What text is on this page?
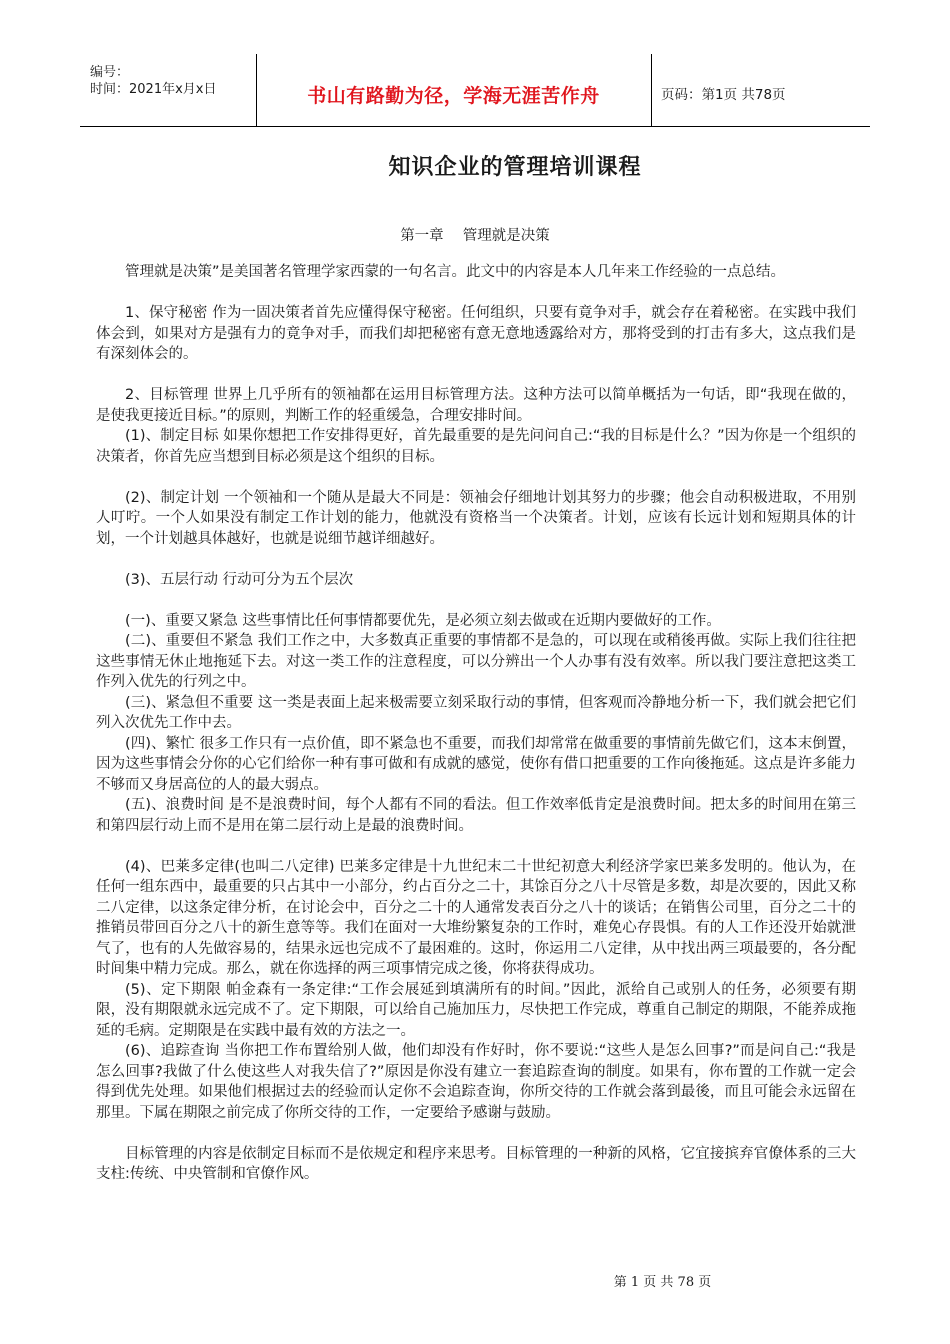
编号：
时间：2021年x月x日	书山有路勤为径，学海无涯苦作舟	页码：第1页 共78页
知识企业的管理培训课程
第一章　 管理就是决策

管理就是决策”是美国著名管理学家西蒙的一句名言。此文中的内容是本人几年来工作经验的一点总结。

1、保守秘密 作为一固决策者首先应懂得保守秘密。任何组织，只要有竟争对手，就会存在着秘密。在实践中我们体会到，如果对方是强有力的竟争对手，而我们却把秘密有意无意地透露给对方，那将受到的打击有多大，这点我们是有深刻体会的。

2、目标管理 世界上几乎所有的领袖都在运用目标管理方法。这种方法可以简单概括为一句话，即“我现在做的，是使我更接近目标。”的原则，判断工作的轻重缓急，合理安排时间。

(1)、制定目标 如果你想把工作安排得更好，首先最重要的是先问问自己:“我的目标是什么？”因为你是一个组织的决策者，你首先应当想到目标必须是这个组织的目标。

(2)、制定计划 一个领袖和一个随从是最大不同是：领袖会仔细地计划其努力的步骤；他会自动积极进取，不用别人叮咛。一个人如果没有制定工作计划的能力，他就没有资格当一个决策者。计划，应该有长远计划和短期具体的计划，一个计划越具体越好，也就是说细节越详细越好。

(3)、五层行动 行动可分为五个层次

(一)、重要又紧急 这些事情比任何事情都要优先，是必须立刻去做或在近期内要做好的工作。

(二)、重要但不紧急 我们工作之中，大多数真正重要的事情都不是急的，可以现在或稍後再做。实际上我们往往把这些事情无休止地拖延下去。对这一类工作的注意程度，可以分辨出一个人办事有没有效率。所以我门要注意把这类工作列入优先的行列之中。

(三)、紧急但不重要 这一类是表面上起来极需要立刻采取行动的事情，但客观而冷静地分析一下，我们就会把它们列入次优先工作中去。

(四)、繁忙 很多工作只有一点价值，即不紧急也不重要，而我们却常常在做重要的事情前先做它们，这本末倒置，因为这些事情会分你的心它们给你一种有事可做和有成就的感觉，使你有借口把重要的工作向後拖延。这点是许多能力不够而又身居高位的人的最大弱点。

(五)、浪费时间 是不是浪费时间，每个人都有不同的看法。但工作效率低肯定是浪费时间。把太多的时间用在第三和第四层行动上而不是用在第二层行动上是最的浪费时间。

(4)、巴莱多定律(也叫二八定律) 巴莱多定律是十九世纪末二十世纪初意大利经济学家巴莱多发明的。他认为，在任何一组东西中，最重要的只占其中一小部分，约占百分之二十，其馀百分之八十尽管是多数，却是次要的，因此又称二八定律，以这条定律分析，在讨论会中，百分之二十的人通常发表百分之八十的谈话；在销售公司里，百分之二十的推销员带回百分之八十的新生意等等。我们在面对一大堆纷繁复杂的工作时，难免心存畏惧。有的人工作还没开始就泄气了，也有的人先做容易的，结果永远也完成不了最困难的。这时，你运用二八定律，从中找出两三项最要的，各分配时间集中精力完成。那么，就在你选择的两三项事情完成之後，你将获得成功。

(5)、定下期限 帕金森有一条定律:“工作会展延到填满所有的时间。”因此，派给自己或别人的任务，必须要有期限，没有期限就永远完成不了。定下期限，可以给自己施加压力，尽快把工作完成，尊重自己制定的期限，不能养成拖延的毛病。定期限是在实践中最有效的方法之一。

(6)、追踪查询 当你把工作布置给别人做，他们却没有作好时，你不要说:“这些人是怎么回事?”而是问自己:“我是怎么回事?我做了什么使这些人对我失信了?”原因是你没有建立一套追踪查询的制度。如果有，你布置的工作就一定会得到优先处理。如果他们根据过去的经验而认定你不会追踪查询，你所交待的工作就会落到最後，而且可能会永远留在那里。下属在期限之前完成了你所交待的工作，一定要给予感谢与鼓励。

目标管理的内容是依制定目标而不是依规定和程序来思考。目标管理的一种新的风格，它宜接摈弃官僚体系的三大支柱:传统、中央管制和官僚作风。

第 1 页 共 78 页
